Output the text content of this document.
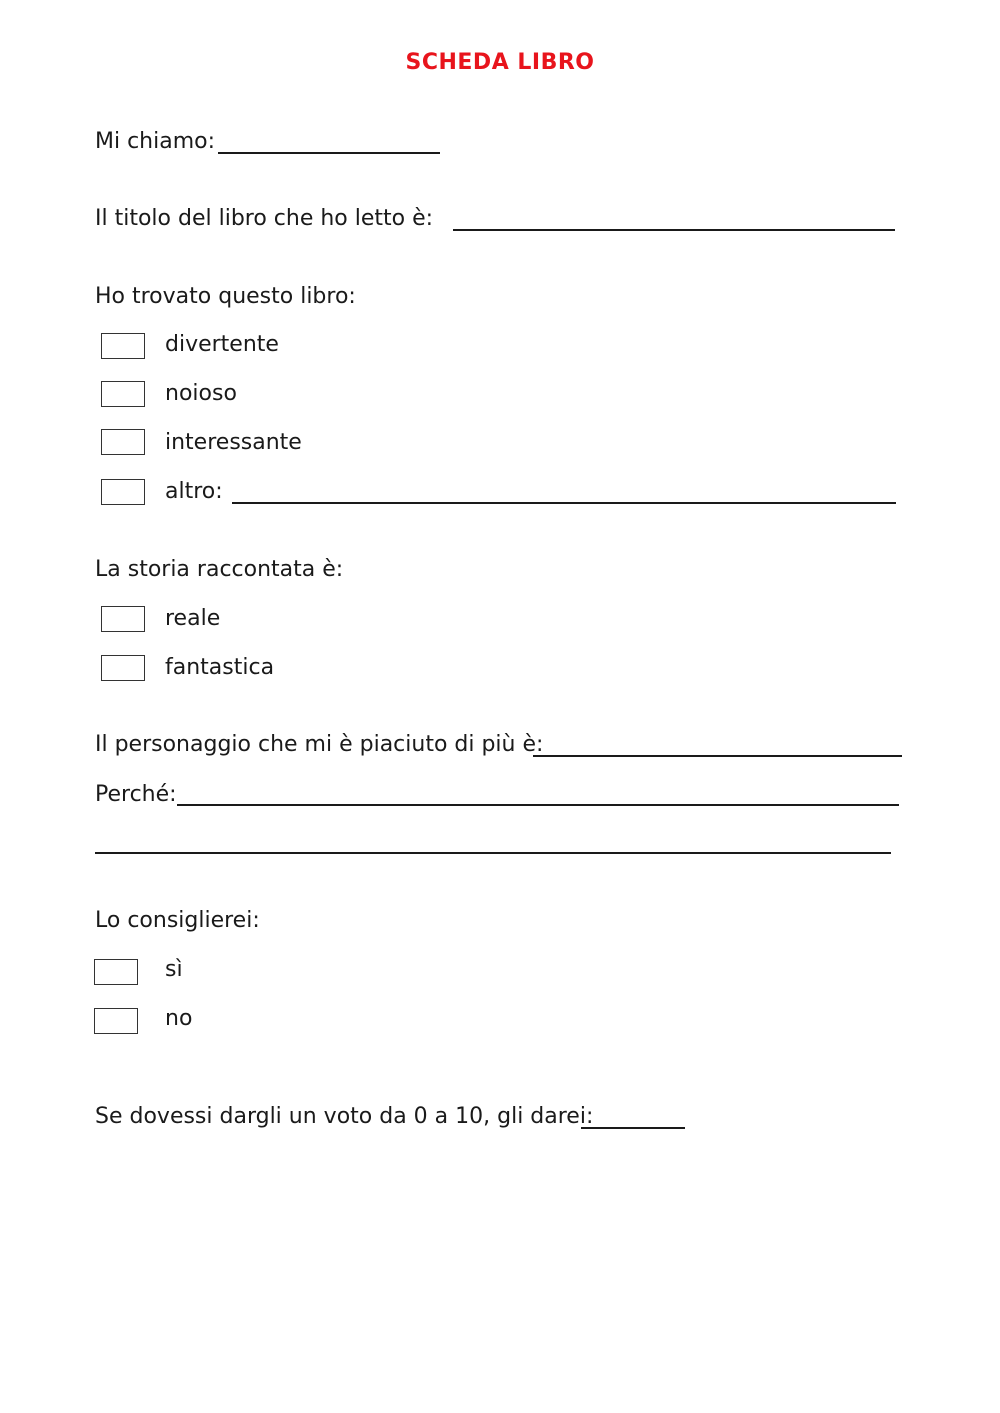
SCHEDA LIBRO
Mi chiamo:
Il titolo del libro che ho letto è:
Ho trovato questo libro:
divertente
noioso
interessante
altro:
La storia raccontata è:
reale
fantastica
Il personaggio che mi è piaciuto di più è:
Perché:
Lo consiglierei:
sì
no
Se dovessi dargli un voto da 0 a 10, gli darei:
